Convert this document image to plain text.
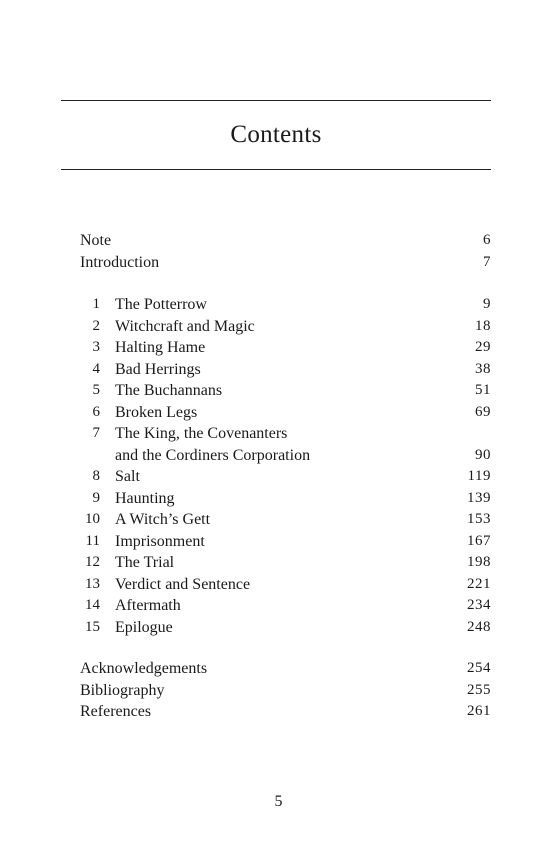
Contents
Note	6
Introduction	7
1 The Potterrow	9
2 Witchcraft and Magic	18
3 Halting Hame	29
4 Bad Herrings	38
5 The Buchannans	51
6 Broken Legs	69
7 The King, the Covenanters
and the Cordiners Corporation	90
8 Salt	119
9 Haunting	139
10 A Witch’s Gett	153
11 Imprisonment	167
12 The Trial	198
13 Verdict and Sentence	221
14 Aftermath	234
15 Epilogue	248
Acknowledgements	254
Bibliography	255
References	261
5
